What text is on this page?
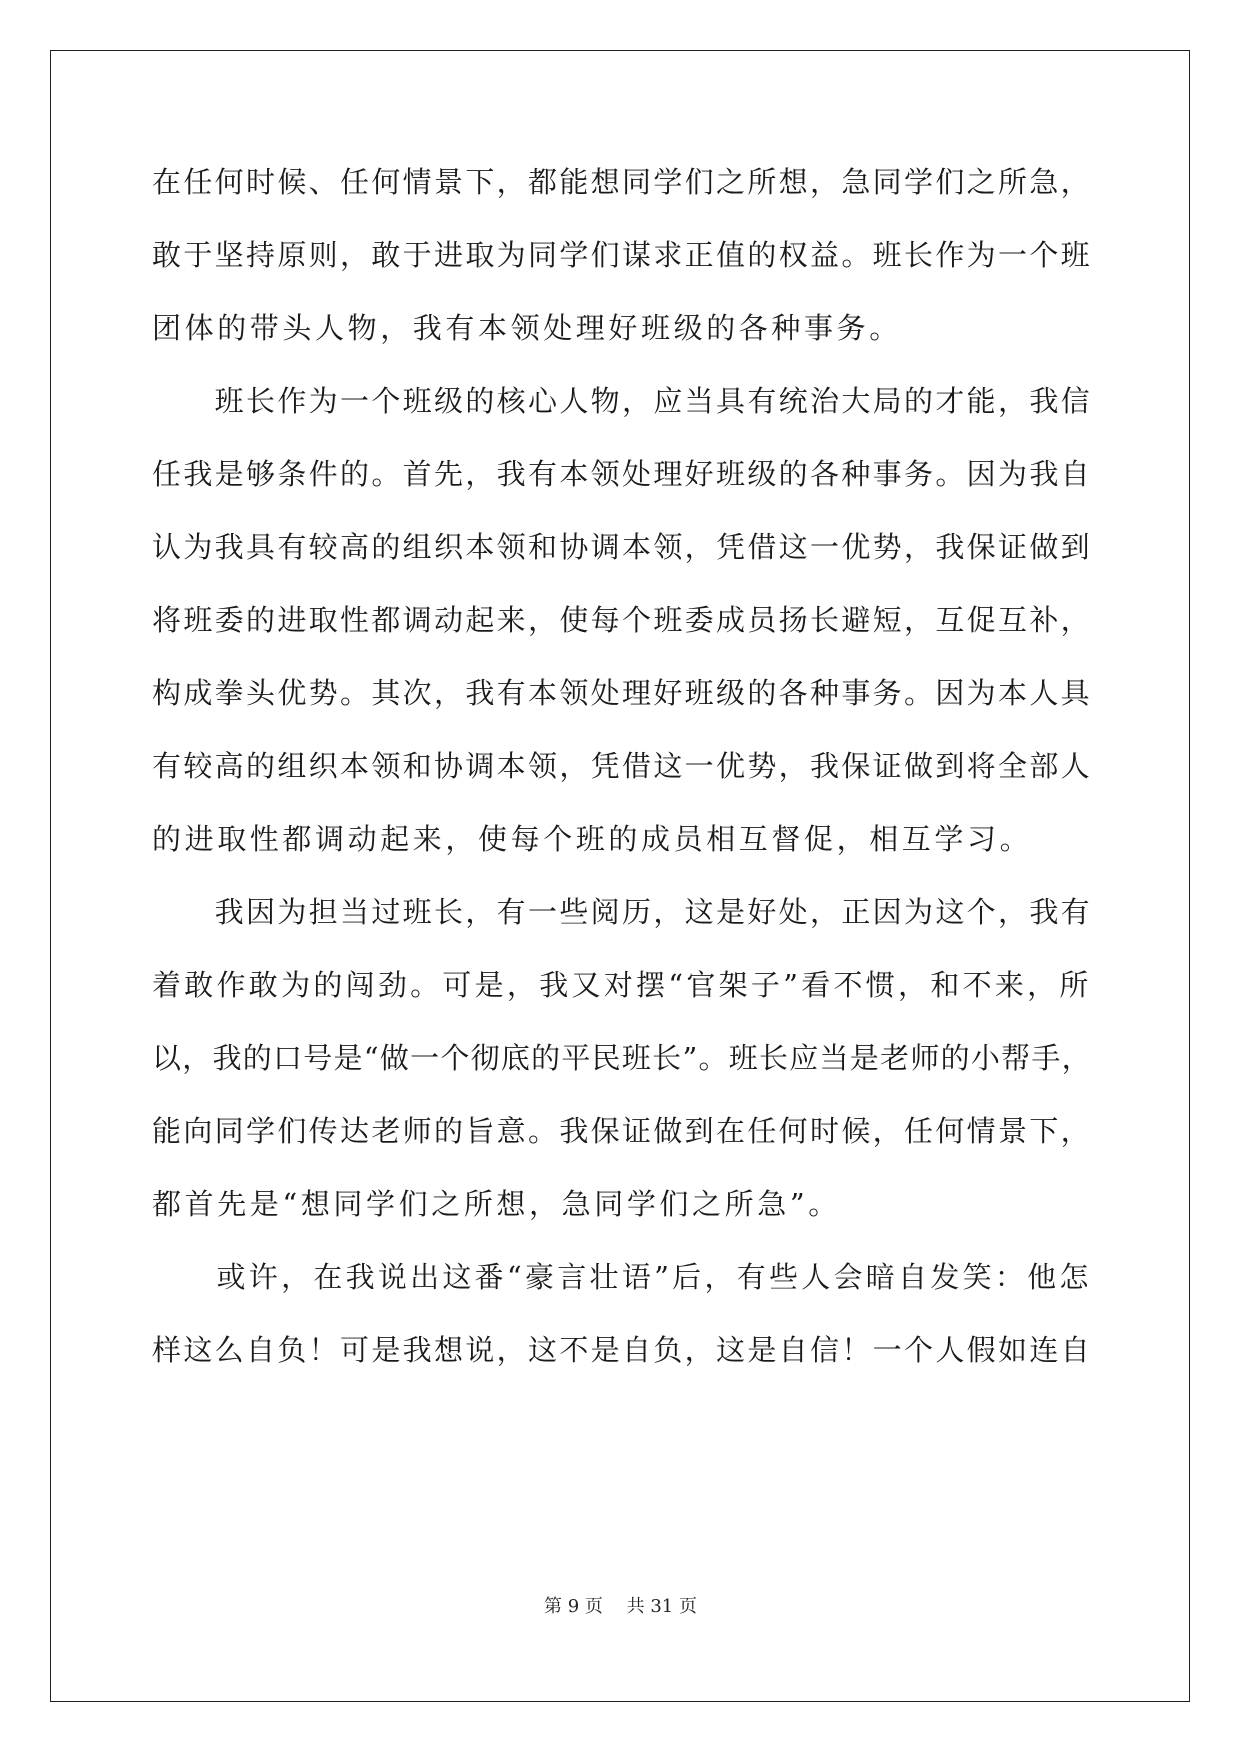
在任何时候、任何情景下，都能想同学们之所想，急同学们之所急，
敢于坚持原则，敢于进取为同学们谋求正值的权益。班长作为一个班
团体的带头人物，我有本领处理好班级的各种事务。
　　班长作为一个班级的核心人物，应当具有统治大局的才能，我信
任我是够条件的。首先，我有本领处理好班级的各种事务。因为我自
认为我具有较高的组织本领和协调本领，凭借这一优势，我保证做到
将班委的进取性都调动起来，使每个班委成员扬长避短，互促互补，
构成拳头优势。其次，我有本领处理好班级的各种事务。因为本人具
有较高的组织本领和协调本领，凭借这一优势，我保证做到将全部人
的进取性都调动起来，使每个班的成员相互督促，相互学习。
　　我因为担当过班长，有一些阅历，这是好处，正因为这个，我有
着敢作敢为的闯劲。可是，我又对摆“官架子”看不惯，和不来，所
以，我的口号是“做一个彻底的平民班长”。班长应当是老师的小帮手，
能向同学们传达老师的旨意。我保证做到在任何时候，任何情景下，
都首先是“想同学们之所想，急同学们之所急”。
　　或许，在我说出这番“豪言壮语”后，有些人会暗自发笑：他怎
样这么自负！可是我想说，这不是自负，这是自信！一个人假如连自
第 9 页　 共 31 页
